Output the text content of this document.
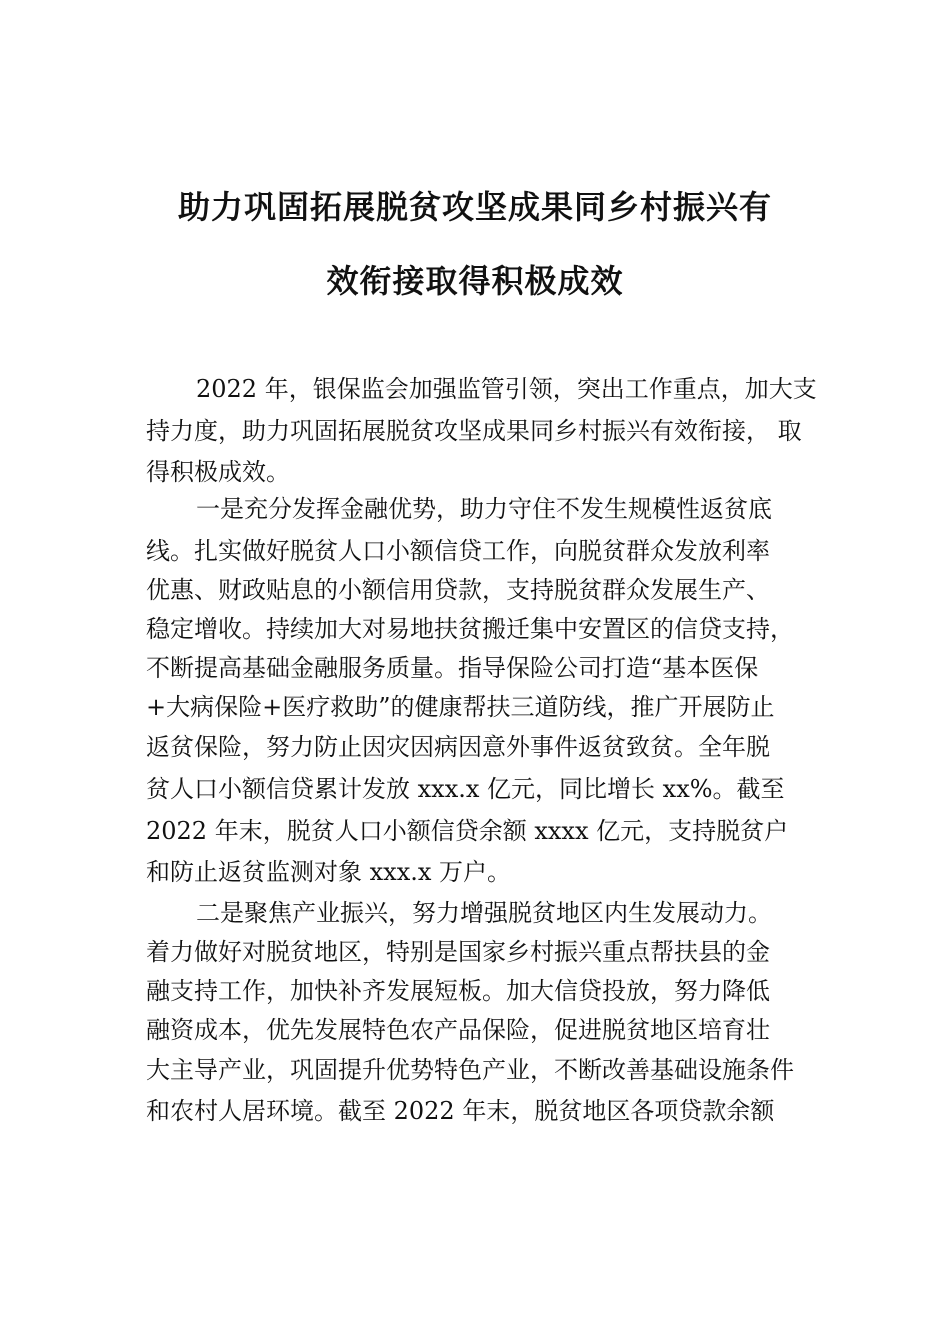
助力巩固拓展脱贫攻坚成果同乡村振兴有
效衔接取得积极成效
2022 年，银保监会加强监管引领，突出工作重点，加大支
持力度，助力巩固拓展脱贫攻坚成果同乡村振兴有效衔接， 取
得积极成效。
一是充分发挥金融优势，助力守住不发生规模性返贫底
线。扎实做好脱贫人口小额信贷工作，向脱贫群众发放利率
优惠、财政贴息的小额信用贷款，支持脱贫群众发展生产、
稳定增收。持续加大对易地扶贫搬迁集中安置区的信贷支持，
不断提高基础金融服务质量。指导保险公司打造“基本医保
+大病保险+医疗救助”的健康帮扶三道防线，推广开展防止
返贫保险，努力防止因灾因病因意外事件返贫致贫。全年脱
贫人口小额信贷累计发放 xxx.x 亿元，同比增长 xx%。截至
2022 年末，脱贫人口小额信贷余额 xxxx 亿元，支持脱贫户
和防止返贫监测对象 xxx.x 万户。
二是聚焦产业振兴，努力增强脱贫地区内生发展动力。
着力做好对脱贫地区，特别是国家乡村振兴重点帮扶县的金
融支持工作，加快补齐发展短板。加大信贷投放，努力降低
融资成本，优先发展特色农产品保险，促进脱贫地区培育壮
大主导产业，巩固提升优势特色产业，不断改善基础设施条件
和农村人居环境。截至 2022 年末，脱贫地区各项贷款余额
